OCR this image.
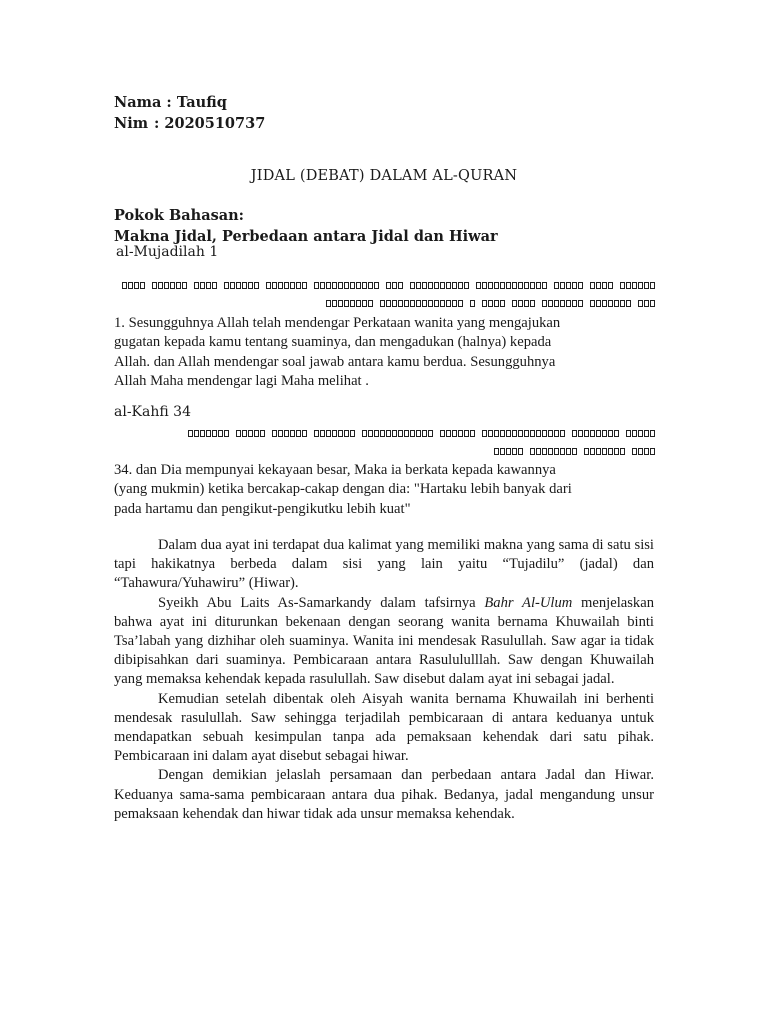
Nama :
Taufiq
Nim : 2020510737
JIDAL (DEBAT) DALAM AL-QURAN
Pokok Bahasan:
Makna Jidal, Perbedaan antara Jidal dan Hiwar
al-Mujadilah 1
1. Sesungguhnya Allah telah mendengar Perkataan wanita yang mengajukan
gugatan kepada kamu tentang suaminya, dan mengadukan (halnya) kepada
Allah. dan Allah mendengar soal jawab antara kamu berdua. Sesungguhnya
Allah Maha mendengar lagi Maha melihat .
al-Kahfi 34
34. dan Dia mempunyai kekayaan besar, Maka ia berkata kepada kawannya
(yang mukmin) ketika bercakap-cakap dengan dia: "Hartaku lebih banyak dari
pada hartamu dan pengikut-pengikutku lebih kuat"

Dalam dua ayat ini terdapat dua kalimat yang memiliki makna yang sama di satu sisi tapi hakikatnya berbeda dalam sisi yang lain yaitu “Tujadilu” (jadal) dan “Tahawura/Yuhawiru” (Hiwar).

Syeikh Abu Laits As-Samarkandy dalam tafsirnya Bahr Al-Ulum menjelaskan bahwa ayat ini diturunkan bekenaan dengan seorang wanita bernama Khuwailah binti Tsa’labah yang dizhihar oleh suaminya. Wanita ini mendesak Rasulullah. Saw agar ia tidak dibipisahkan dari suaminya. Pembicaraan antara Rasulululllah. Saw dengan Khuwailah yang memaksa kehendak kepada rasulullah. Saw disebut dalam ayat ini sebagai jadal.

Kemudian setelah dibentak oleh Aisyah wanita bernama Khuwailah ini berhenti mendesak rasulullah. Saw sehingga terjadilah pembicaraan di antara keduanya untuk mendapatkan sebuah kesimpulan tanpa ada pemaksaan kehendak dari satu pihak. Pembicaraan ini dalam ayat disebut sebagai hiwar.

Dengan demikian jelaslah persamaan dan perbedaan antara Jadal dan Hiwar. Keduanya sama-sama pembicaraan antara dua pihak. Bedanya, jadal mengandung unsur pemaksaan kehendak dan hiwar tidak ada unsur memaksa kehendak.
